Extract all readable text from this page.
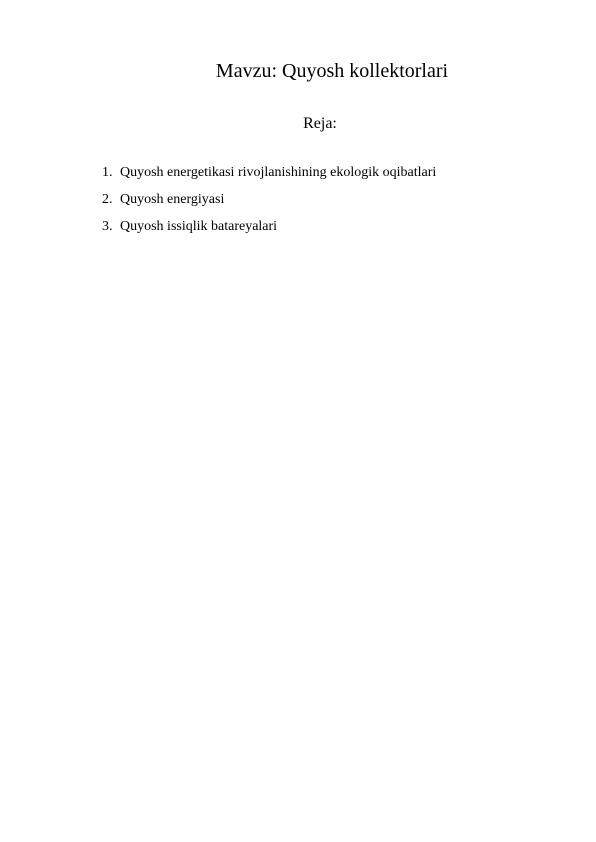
Mavzu: Quyosh kollektorlari
Reja:
1. Quyosh energetikasi rivojlanishining ekologik oqibatlari
2. Quyosh energiyasi
3. Quyosh issiqlik batareyalari
